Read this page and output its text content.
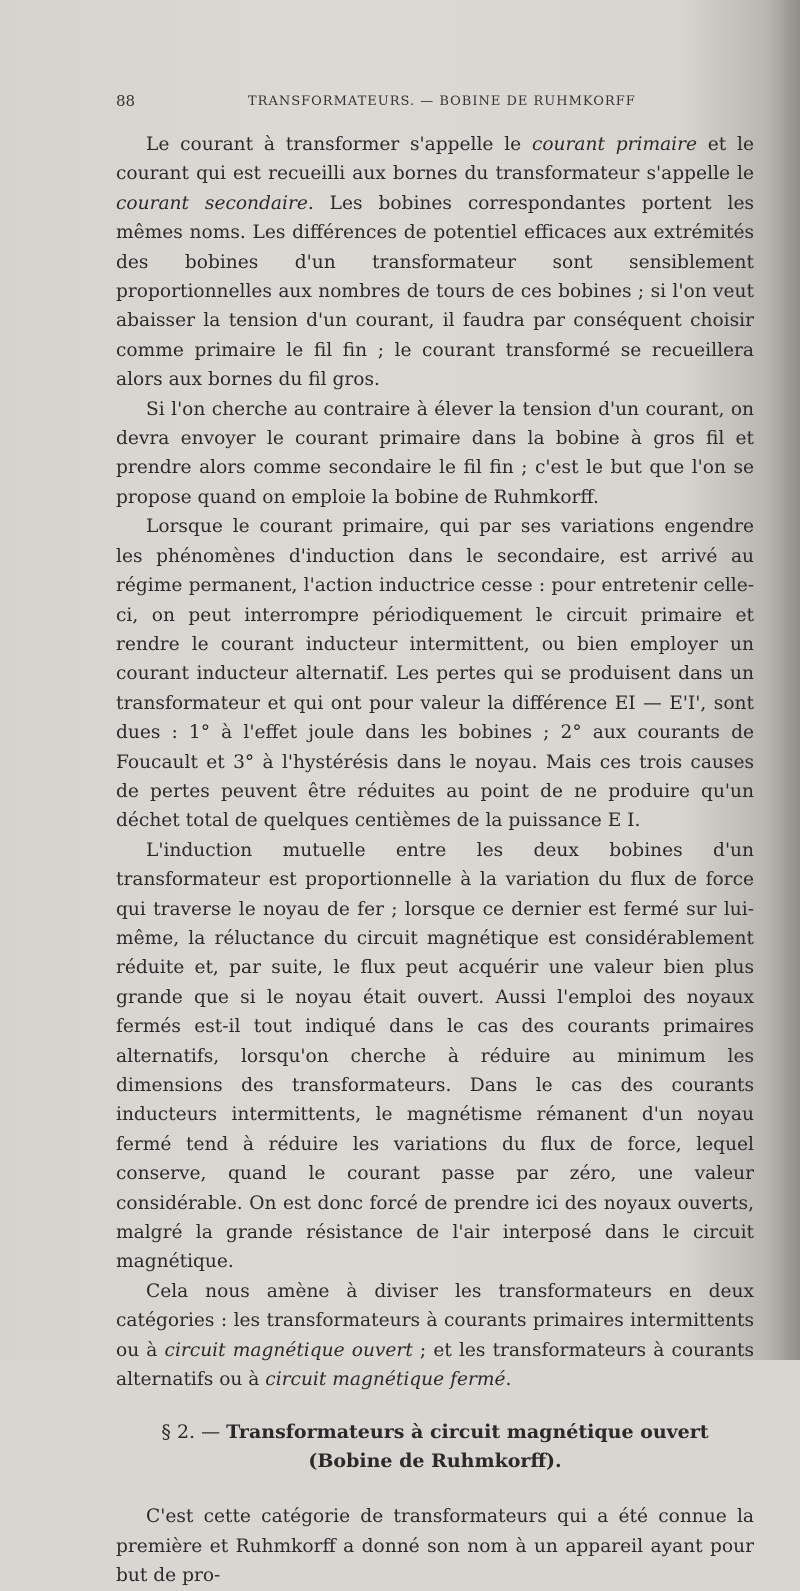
88	TRANSFORMATEURS. — BOBINE DE RUHMKORFF

Le courant à transformer s'appelle le courant primaire et le courant qui est recueilli aux bornes du transformateur s'appelle le courant secondaire. Les bobines correspondantes portent les mêmes noms. Les différences de potentiel efficaces aux extrémités des bobines d'un transformateur sont sensiblement proportionnelles aux nombres de tours de ces bobines ; si l'on veut abaisser la tension d'un courant, il faudra par conséquent choisir comme primaire le fil fin ; le courant transformé se recueillera alors aux bornes du fil gros.

Si l'on cherche au contraire à élever la tension d'un courant, on devra envoyer le courant primaire dans la bobine à gros fil et prendre alors comme secondaire le fil fin ; c'est le but que l'on se propose quand on emploie la bobine de Ruhmkorff.

Lorsque le courant primaire, qui par ses variations engendre les phénomènes d'induction dans le secondaire, est arrivé au régime permanent, l'action inductrice cesse : pour entretenir celle-ci, on peut interrompre périodiquement le circuit primaire et rendre le courant inducteur intermittent, ou bien employer un courant inducteur alternatif. Les pertes qui se produisent dans un transformateur et qui ont pour valeur la différence EI — E'I', sont dues : 1° à l'effet joule dans les bobines ; 2° aux courants de Foucault et 3° à l'hystérésis dans le noyau. Mais ces trois causes de pertes peuvent être réduites au point de ne produire qu'un déchet total de quelques centièmes de la puissance E I.

L'induction mutuelle entre les deux bobines d'un transformateur est proportionnelle à la variation du flux de force qui traverse le noyau de fer ; lorsque ce dernier est fermé sur lui-même, la réluctance du circuit magnétique est considérablement réduite et, par suite, le flux peut acquérir une valeur bien plus grande que si le noyau était ouvert. Aussi l'emploi des noyaux fermés est-il tout indiqué dans le cas des courants primaires alternatifs, lorsqu'on cherche à réduire au minimum les dimensions des transformateurs. Dans le cas des courants inducteurs intermittents, le magnétisme rémanent d'un noyau fermé tend à réduire les variations du flux de force, lequel conserve, quand le courant passe par zéro, une valeur considérable. On est donc forcé de prendre ici des noyaux ouverts, malgré la grande résistance de l'air interposé dans le circuit magnétique.

Cela nous amène à diviser les transformateurs en deux catégories : les transformateurs à courants primaires intermittents ou à circuit magnétique ouvert ; et les transformateurs à courants alternatifs ou à circuit magnétique fermé.

§ 2. — Transformateurs à circuit magnétique ouvert
(Bobine de Ruhmkorff).

C'est cette catégorie de transformateurs qui a été connue la première et Ruhmkorff a donné son nom à un appareil ayant pour but de pro-
